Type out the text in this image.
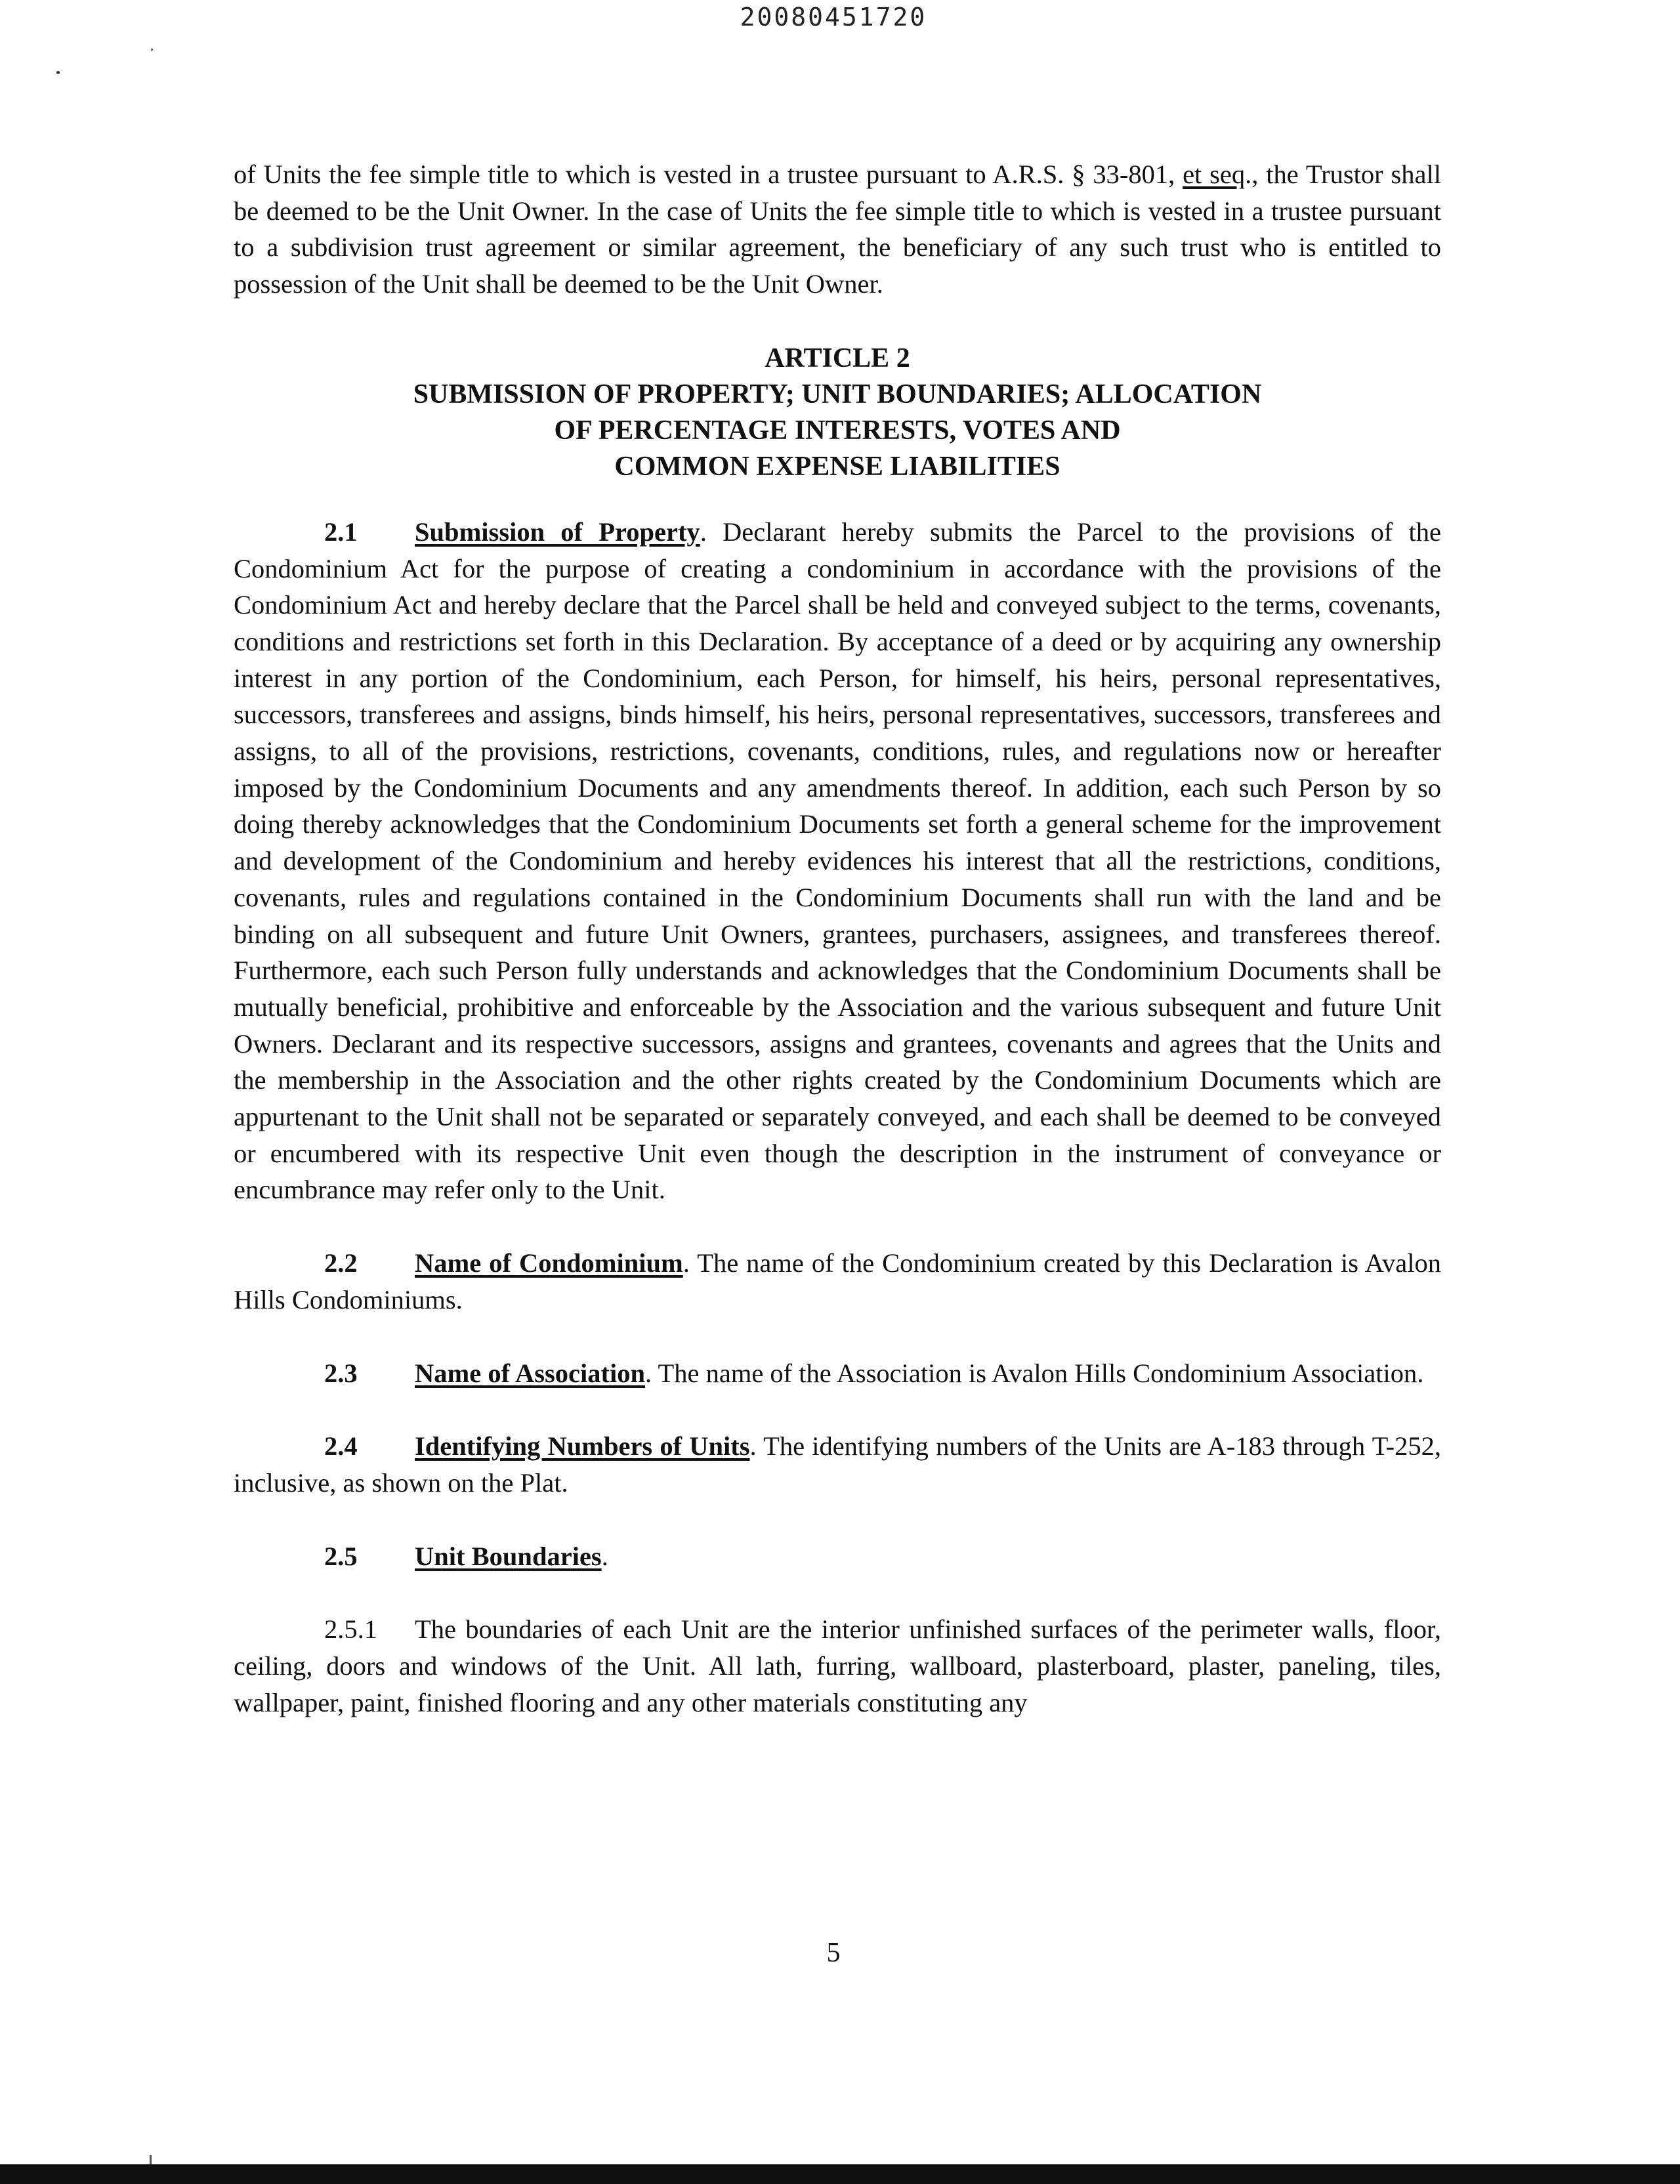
20080451720

of Units the fee simple title to which is vested in a trustee pursuant to A.R.S. § 33-801, et seq., the Trustor shall be deemed to be the Unit Owner. In the case of Units the fee simple title to which is vested in a trustee pursuant to a subdivision trust agreement or similar agreement, the beneficiary of any such trust who is entitled to possession of the Unit shall be deemed to be the Unit Owner.

ARTICLE 2
SUBMISSION OF PROPERTY; UNIT BOUNDARIES; ALLOCATION
OF PERCENTAGE INTERESTS, VOTES AND
COMMON EXPENSE LIABILITIES

2.1 Submission of Property. Declarant hereby submits the Parcel to the provisions of the Condominium Act for the purpose of creating a condominium in accordance with the provisions of the Condominium Act and hereby declare that the Parcel shall be held and conveyed subject to the terms, covenants, conditions and restrictions set forth in this Declaration. By acceptance of a deed or by acquiring any ownership interest in any portion of the Condominium, each Person, for himself, his heirs, personal representatives, successors, transferees and assigns, binds himself, his heirs, personal representatives, successors, transferees and assigns, to all of the provisions, restrictions, covenants, conditions, rules, and regulations now or hereafter imposed by the Condominium Documents and any amendments thereof. In addition, each such Person by so doing thereby acknowledges that the Condominium Documents set forth a general scheme for the improvement and development of the Condominium and hereby evidences his interest that all the restrictions, conditions, covenants, rules and regulations contained in the Condominium Documents shall run with the land and be binding on all subsequent and future Unit Owners, grantees, purchasers, assignees, and transferees thereof. Furthermore, each such Person fully understands and acknowledges that the Condominium Documents shall be mutually beneficial, prohibitive and enforceable by the Association and the various subsequent and future Unit Owners. Declarant and its respective successors, assigns and grantees, covenants and agrees that the Units and the membership in the Association and the other rights created by the Condominium Documents which are appurtenant to the Unit shall not be separated or separately conveyed, and each shall be deemed to be conveyed or encumbered with its respective Unit even though the description in the instrument of conveyance or encumbrance may refer only to the Unit.

2.2 Name of Condominium. The name of the Condominium created by this Declaration is Avalon Hills Condominiums.

2.3 Name of Association. The name of the Association is Avalon Hills Condominium Association.

2.4 Identifying Numbers of Units. The identifying numbers of the Units are A-183 through T-252, inclusive, as shown on the Plat.

2.5 Unit Boundaries.

2.5.1 The boundaries of each Unit are the interior unfinished surfaces of the perimeter walls, floor, ceiling, doors and windows of the Unit. All lath, furring, wallboard, plasterboard, plaster, paneling, tiles, wallpaper, paint, finished flooring and any other materials constituting any

5
